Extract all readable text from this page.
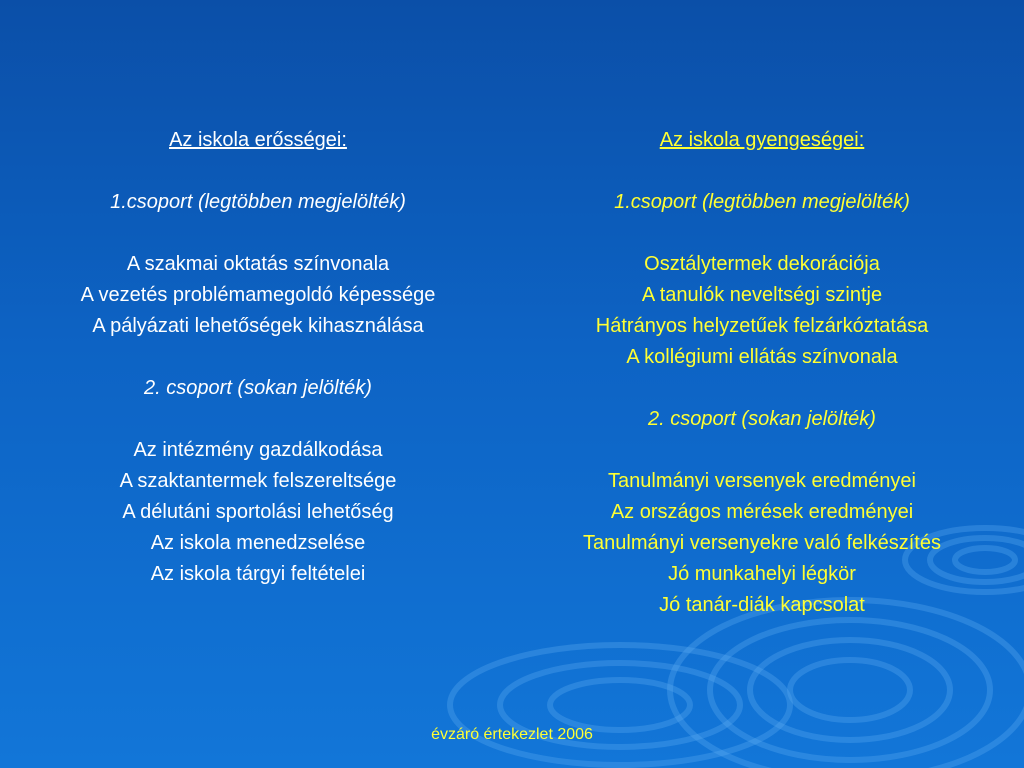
Az iskola erősségei:
1.csoport (legtöbben megjelölték)
A szakmai oktatás színvonala
A vezetés problémamegoldó képessége
A pályázati lehetőségek kihasználása
2. csoport (sokan jelölték)
Az intézmény gazdálkodása
A szaktantermek felszereltsége
A délutáni sportolási lehetőség
Az iskola menedzselése
Az iskola tárgyi feltételei
Az iskola gyengeségei:
1.csoport (legtöbben megjelölték)
Osztálytermek dekorációja
A tanulók neveltségi szintje
Hátrányos helyzetűek felzárkóztatása
A kollégiumi ellátás színvonala
2. csoport (sokan jelölték)
Tanulmányi versenyek eredményei
Az országos mérések eredményei
Tanulmányi versenyekre való felkészítés
Jó munkahelyi légkör
Jó tanár-diák kapcsolat
évzáró értekezlet 2006
